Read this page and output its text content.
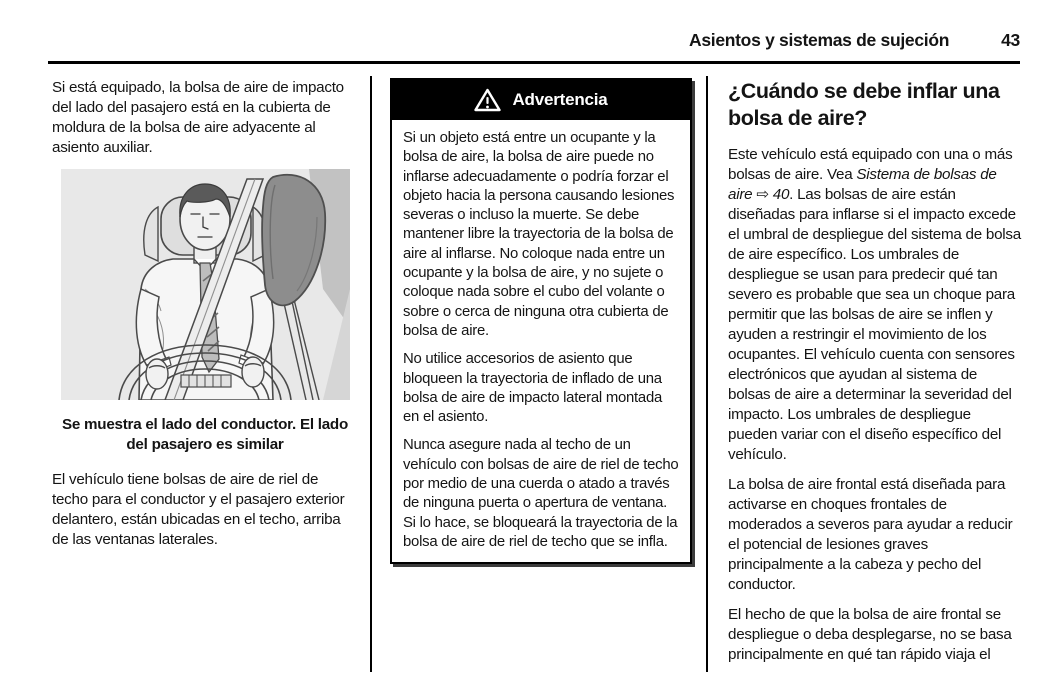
Asientos y sistemas de sujeción	43

Si está equipado, la bolsa de aire de impacto del lado del pasajero está en la cubierta de moldura de la bolsa de aire adyacente al asiento auxiliar.

Se muestra el lado del conductor. El lado del pasajero es similar

El vehículo tiene bolsas de aire de riel de techo para el conductor y el pasajero exterior delantero, están ubicadas en el techo, arriba de las ventanas laterales.

Advertencia

Si un objeto está entre un ocupante y la bolsa de aire, la bolsa de aire puede no inflarse adecuadamente o podría forzar el objeto hacia la persona causando lesiones severas o incluso la muerte. Se debe mantener libre la trayectoria de la bolsa de aire al inflarse. No coloque nada entre un ocupante y la bolsa de aire, y no sujete o coloque nada sobre el cubo del volante o sobre o cerca de ninguna otra cubierta de bolsa de aire.

No utilice accesorios de asiento que bloqueen la trayectoria de inflado de una bolsa de aire de impacto lateral montada en el asiento.

Nunca asegure nada al techo de un vehículo con bolsas de aire de riel de techo por medio de una cuerda o atado a través de ninguna puerta o apertura de ventana. Si lo hace, se bloqueará la trayectoria de la bolsa de aire de riel de techo que se infla.

¿Cuándo se debe inflar una bolsa de aire?

Este vehículo está equipado con una o más bolsas de aire. Vea Sistema de bolsas de aire ⇨ 40. Las bolsas de aire están diseñadas para inflarse si el impacto excede el umbral de despliegue del sistema de bolsa de aire específico. Los umbrales de despliegue se usan para predecir qué tan severo es probable que sea un choque para permitir que las bolsas de aire se inflen y ayuden a restringir el movimiento de los ocupantes. El vehículo cuenta con sensores electrónicos que ayudan al sistema de bolsas de aire a determinar la severidad del impacto. Los umbrales de despliegue pueden variar con el diseño específico del vehículo.

La bolsa de aire frontal está diseñada para activarse en choques frontales de moderados a severos para ayudar a reducir el potencial de lesiones graves principalmente a la cabeza y pecho del conductor.

El hecho de que la bolsa de aire frontal se despliegue o deba desplegarse, no se basa principalmente en qué tan rápido viaja el
